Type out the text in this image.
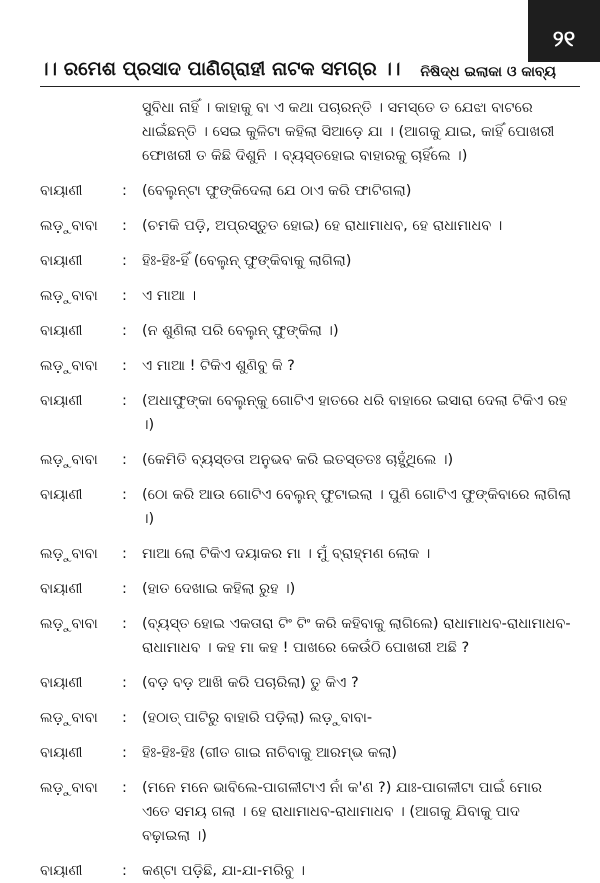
୨୧
।। ରମେଶ ପ୍ରସାଦ ପାଣିଗ୍ରାହୀ ନାଟକ ସମଗ୍ର ।। ନିଷିଦ୍ଧ ଇଲାକା ଓ କାବ୍ୟ
ସୁବିଧା ନାହିଁ । କାହାକୁ ବା ଏ କଥା ପଚାରନ୍ତି । ସମସ୍ତେ ତ ଯେଝା ବାଟରେ ଧାଇଁଛନ୍ତି । ସେଇ କୁଳିଟା କହିଲା ସିଆଡ଼େ ଯା । (ଆଗକୁ ଯାଇ, କାହିଁ ପୋଖରୀ ଫୋଖରୀ ତ କିଛି ଦିଶୁନି । ବ୍ୟସ୍ତହୋଇ ବାହାରକୁ ଚାହିଁଲେ ।)
ବାୟାଣୀ	:	(ବେଲୁନ୍‌ଟା ଫୁଙ୍କିଦେଲା ଯେ ଠାଏ କରି ଫାଟିଗଲା)
ଲଡ଼ୁବାବା	:	(ଚମକି ପଡ଼ି, ଅପ୍ରସ୍ତୁତ ହୋଇ) ହେ ରାଧାମାଧବ, ହେ ରାଧାମାଧବ ।
ବାୟାଣୀ	:	ହିଃ-ହିଃ-ହିଁ (ବେଲୁନ୍ ଫୁଙ୍କିବାକୁ ଲାଗିଲା)
ଲଡ଼ୁବାବା	:	ଏ ମାଆ ।
ବାୟାଣୀ	:	(ନ ଶୁଣିଲା ପରି ବେଲୁନ୍ ଫୁଙ୍କିଲା ।)
ଲଡ଼ୁବାବା	:	ଏ ମାଆ ! ଟିକିଏ ଶୁଣିବୁ କି ?
ବାୟାଣୀ	:	(ଅଧାଫୁଙ୍କା ବେଲୁନ୍‌କୁ ଗୋଟିଏ ହାତରେ ଧରି ବାହାରେ ଇସାରା ଦେଲା ଟିକିଏ ରହ ।)
ଲଡ଼ୁବାବା	:	(କେମିତି ବ୍ୟସ୍ତତା ଅନୁଭବ କରି ଇତସ୍ତତଃ ଚାହୁଁଥିଲେ ।)
ବାୟାଣୀ	:	(ଠୋ କରି ଆଉ ଗୋଟିଏ ବେଲୁନ୍ ଫୁଟାଇଲା । ପୁଣି ଗୋଟିଏ ଫୁଙ୍କିବାରେ ଲାଗିଲା ।)
ଲଡ଼ୁବାବା	:	ମାଆ ଲୋ ଟିକିଏ ଦୟାକର ମା । ମୁଁ ବ୍ରାହ୍ମଣ ଲୋକ ।
ବାୟାଣୀ	:	(ହାତ ଦେଖାଇ କହିଲା ରୁହ ।)
ଲଡ଼ୁବାବା	:	(ବ୍ୟସ୍ତ ହୋଇ ଏକତାରା ଟିଂ ଟିଂ କରି କହିବାକୁ ଲାଗିଲେ) ରାଧାମାଧବ-ରାଧାମାଧବ-ରାଧାମାଧବ । କହ ମା କହ ! ପାଖରେ କେଉଁଠି ପୋଖରୀ ଅଛି ?
ବାୟାଣୀ	:	(ବଡ଼ ବଡ଼ ଆଖି କରି ପଚାରିଲା) ତୁ କିଏ ?
ଲଡ଼ୁବାବା	:	(ହଠାତ୍ ପାଟିରୁ ବାହାରି ପଡ଼ିଲା) ଲଡ଼ୁବାବା-
ବାୟାଣୀ	:	ହିଃ-ହିଃ-ହିଃ (ଗୀତ ଗାଇ ନାଚିବାକୁ ଆରମ୍ଭ କଲା)
ଲଡ଼ୁବାବା	:	(ମନେ ମନେ ଭାବିଲେ-ପାଗଳୀଟାଏ ନାଁ କ'ଣ ?) ଯାଃ-ପାଗଳୀଟା ପାଇଁ ମୋର ଏତେ ସମୟ ଗଲା । ହେ ରାଧାମାଧବ-ରାଧାମାଧବ । (ଆଗକୁ ଯିବାକୁ ପାଦ ବଢ଼ାଇଲା ।)
ବାୟାଣୀ	:	କଣ୍ଟା ପଡ଼ିଛି, ଯା-ଯା-ମରିବୁ ।
